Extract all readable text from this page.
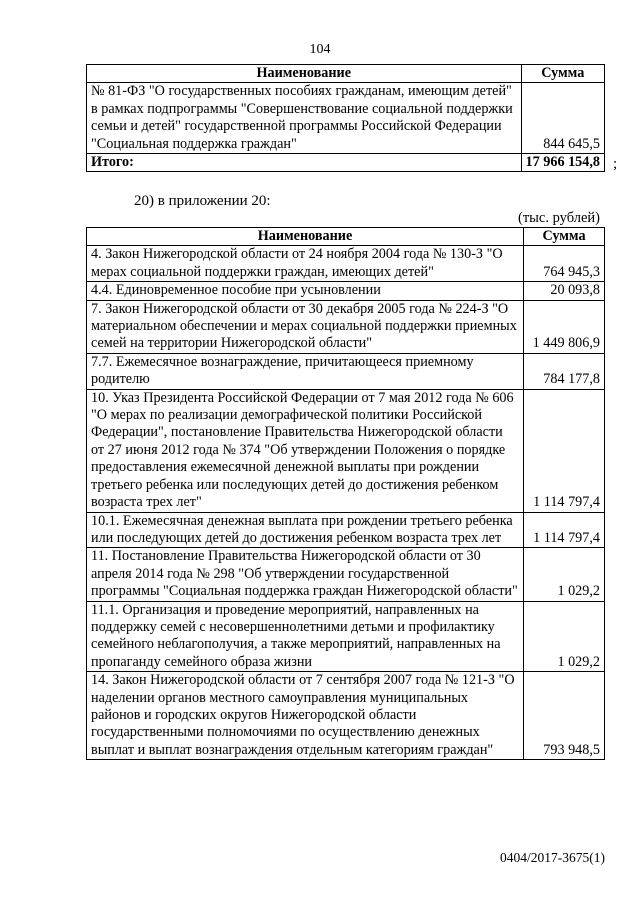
104
Наименование	Сумма
№ 81-ФЗ "О государственных пособиях гражданам, имеющим детей" в рамках подпрограммы "Совершенствование социальной поддержки семьи и детей" государственной программы Российской Федерации "Социальная поддержка граждан"	844 645,5
Итого:	17 966 154,8 ;
20) в приложении 20:
(тыс. рублей)
Наименование	Сумма
4. Закон Нижегородской области от 24 ноября 2004 года № 130-З "О мерах социальной поддержки граждан, имеющих детей"	764 945,3
4.4. Единовременное пособие при усыновлении	20 093,8
7. Закон Нижегородской области от 30 декабря 2005 года № 224-З "О материальном обеспечении и мерах социальной поддержки приемных семей на территории Нижегородской области"	1 449 806,9
7.7. Ежемесячное вознаграждение, причитающееся приемному родителю	784 177,8
10. Указ Президента Российской Федерации от 7 мая 2012 года № 606 "О мерах по реализации демографической политики Российской Федерации", постановление Правительства Нижегородской области от 27 июня 2012 года № 374 "Об утверждении Положения о порядке предоставления ежемесячной денежной выплаты при рождении третьего ребенка или последующих детей до достижения ребенком возраста трех лет"	1 114 797,4
10.1. Ежемесячная денежная выплата при рождении третьего ребенка или последующих детей до достижения ребенком возраста трех лет	1 114 797,4
11. Постановление Правительства Нижегородской области от 30 апреля 2014 года № 298 "Об утверждении государственной программы "Социальная поддержка граждан Нижегородской области"	1 029,2
11.1. Организация и проведение мероприятий, направленных на поддержку семей с несовершеннолетними детьми и профилактику семейного неблагополучия, а также мероприятий, направленных на пропаганду семейного образа жизни	1 029,2
14. Закон Нижегородской области от 7 сентября 2007 года № 121-З "О наделении органов местного самоуправления муниципальных районов и городских округов Нижегородской области государственными полномочиями по осуществлению денежных выплат и выплат вознаграждения отдельным категориям граждан"	793 948,5
0404/2017-3675(1)
